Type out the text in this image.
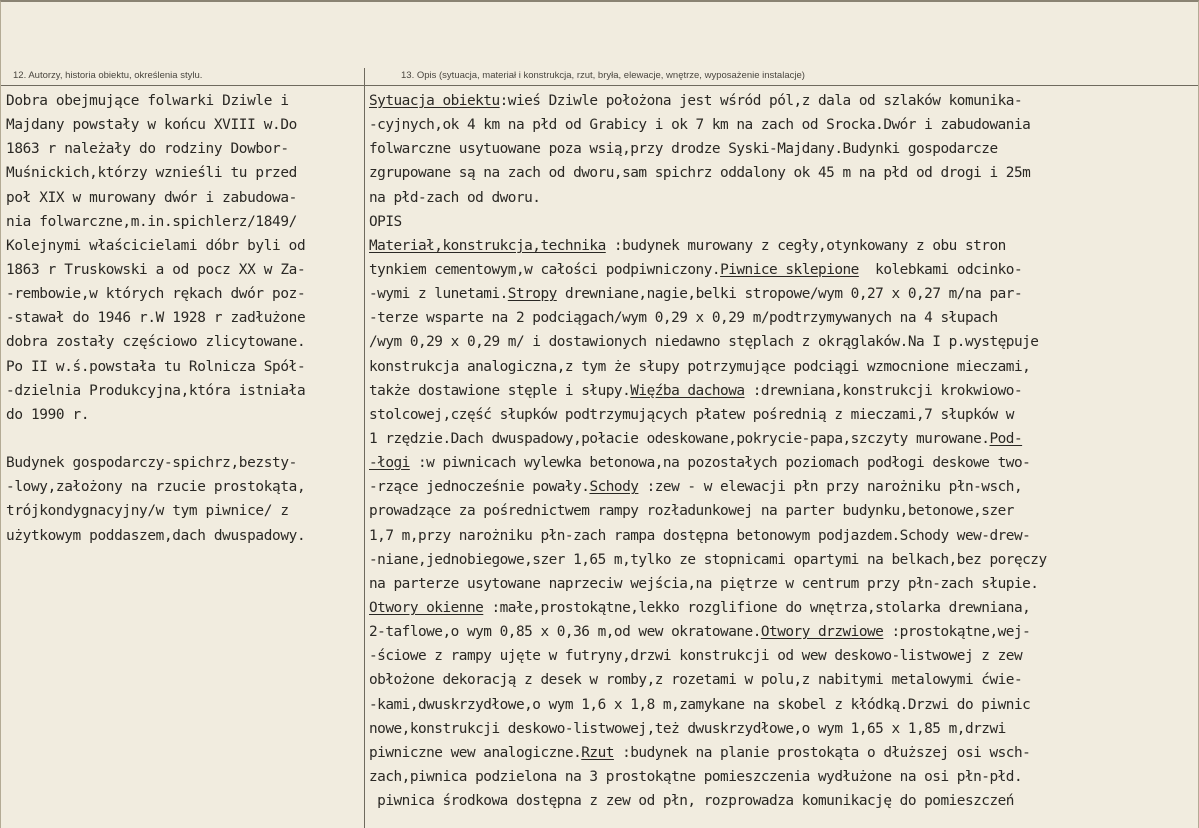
12. Autorzy, historia obiektu, określenia stylu.	13. Opis (sytuacja, materiał i konstrukcja, rzut, bryła, elewacje, wnętrze, wyposażenie instalacje)
Dobra obejmujące folwarki Dziwle i
Majdany powstały w końcu XVIII w.Do
1863 r należały do rodziny Dowbor-
Muśnickich,którzy wznieśli tu przed
poł XIX w murowany dwór i zabudowa-
nia folwarczne,m.in.spichlerz/1849/
Kolejnymi właścicielami dóbr byli od
1863 r Truskowski a od pocz XX w Za-
-rembowie,w których rękach dwór poz-
-stawał do 1946 r.W 1928 r zadłużone
dobra zostały częściowo zlicytowane.
Po II w.ś.powstała tu Rolnicza Spół-
-dzielnia Produkcyjna,która istniała
do 1990 r.
Budynek gospodarczy-spichrz,bezsty-
-lowy,założony na rzucie prostokąta,
trójkondygnacyjny/w tym piwnice/ z
użytkowym poddaszem,dach dwuspadowy.
Sytuacja obiektu:wieś Dziwle położona jest wśród pól,z dala od szlaków komunika-
-cyjnych,ok 4 km na płd od Grabicy i ok 7 km na zach od Srocka.Dwór i zabudowania
folwarczne usytuowane poza wsią,przy drodze Syski-Majdany.Budynki gospodarcze
zgrupowane są na zach od dworu,sam spichrz oddalony ok 45 m na płd od drogi i 25m
na płd-zach od dworu.
OPIS
Materiał,konstrukcja,technika :budynek murowany z cegły,otynkowany z obu stron
tynkiem cementowym,w całości podpiwniczony.Piwnice sklepione  kolebkami odcinko-
-wymi z lunetami.Stropy drewniane,nagie,belki stropowe/wym 0,27 x 0,27 m/na par-
-terze wsparte na 2 podciągach/wym 0,29 x 0,29 m/podtrzymywanych na 4 słupach
/wym 0,29 x 0,29 m/ i dostawionych niedawno stęplach z okrąglaków.Na I p.występuje
konstrukcja analogiczna,z tym że słupy potrzymujące podciągi wzmocnione mieczami,
także dostawione stęple i słupy.Więźba dachowa :drewniana,konstrukcji krokwiowo-
stolcowej,część słupków podtrzymujących płatew pośrednią z mieczami,7 słupków w
1 rzędzie.Dach dwuspadowy,połacie odeskowane,pokrycie-papa,szczyty murowane.Pod-
-łogi :w piwnicach wylewka betonowa,na pozostałych poziomach podłogi deskowe two-
-rzące jednocześnie powały.Schody :zew - w elewacji płn przy narożniku płn-wsch,
prowadzące za pośrednictwem rampy rozładunkowej na parter budynku,betonowe,szer
1,7 m,przy narożniku płn-zach rampa dostępna betonowym podjazdem.Schody wew-drew-
-niane,jednobiegowe,szer 1,65 m,tylko ze stopnicami opartymi na belkach,bez poręczy
na parterze usytowane naprzeciw wejścia,na piętrze w centrum przy płn-zach słupie.
Otwory okienne :małe,prostokątne,lekko rozglifione do wnętrza,stolarka drewniana,
2-taflowe,o wym 0,85 x 0,36 m,od wew okratowane.Otwory drzwiowe :prostokątne,wej-
-ściowe z rampy ujęte w futryny,drzwi konstrukcji od wew deskowo-listwowej z zew
obłożone dekoracją z desek w romby,z rozetami w polu,z nabitymi metalowymi ćwie-
-kami,dwuskrzydłowe,o wym 1,6 x 1,8 m,zamykane na skobel z kłódką.Drzwi do piwnic
nowe,konstrukcji deskowo-listwowej,też dwuskrzydłowe,o wym 1,65 x 1,85 m,drzwi
piwniczne wew analogiczne.Rzut :budynek na planie prostokąta o dłuższej osi wsch-
zach,piwnica podzielona na 3 prostokątne pomieszczenia wydłużone na osi płn-płd.
piwnica środkowa dostępna z zew od płn, rozprowadza komunikację do pomieszczeń
